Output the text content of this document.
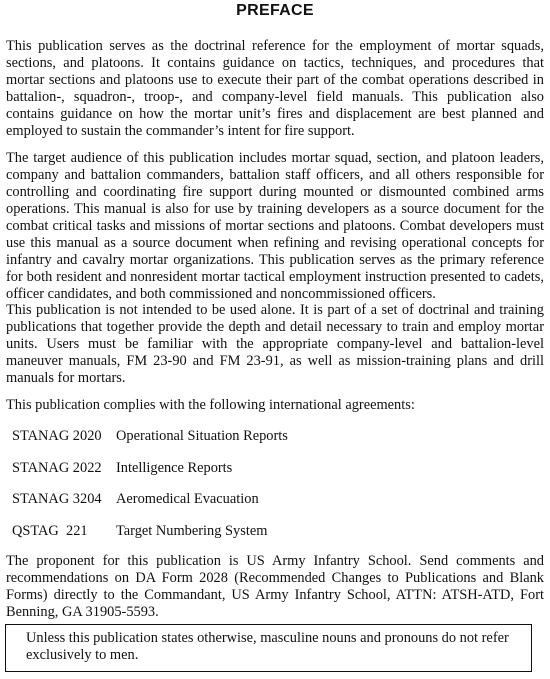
PREFACE

This publication serves as the doctrinal reference for the employment of mortar squads, sections, and platoons. It contains guidance on tactics, techniques, and procedures that mortar sections and platoons use to execute their part of the combat operations described in battalion-, squadron-, troop-, and company-level field manuals. This publication also contains guidance on how the mortar unit’s fires and displacement are best planned and employed to sustain the commander’s intent for fire support.

The target audience of this publication includes mortar squad, section, and platoon leaders, company and battalion commanders, battalion staff officers, and all others responsible for controlling and coordinating fire support during mounted or dismounted combined arms operations. This manual is also for use by training developers as a source document for the combat critical tasks and missions of mortar sections and platoons. Combat developers must use this manual as a source document when refining and revising operational concepts for infantry and cavalry mortar organizations. This publication serves as the primary reference for both resident and nonresident mortar tactical employment instruction presented to cadets, officer candidates, and both commissioned and noncommissioned officers.

This publication is not intended to be used alone. It is part of a set of doctrinal and training publications that together provide the depth and detail necessary to train and employ mortar units. Users must be familiar with the appropriate company-level and battalion-level maneuver manuals, FM 23-90 and FM 23-91, as well as mission-training plans and drill manuals for mortars.

This publication complies with the following international agreements:

STANAG 2020 Operational Situation Reports
STANAG 2022 Intelligence Reports
STANAG 3204 Aeromedical Evacuation
QSTAG  221 Target Numbering System

The proponent for this publication is US Army Infantry School. Send comments and recommendations on DA Form 2028 (Recommended Changes to Publications and Blank Forms) directly to the Commandant, US Army Infantry School, ATTN: ATSH-ATD, Fort Benning, GA 31905-5593.

Unless this publication states otherwise, masculine nouns and pronouns do not refer exclusively to men.
